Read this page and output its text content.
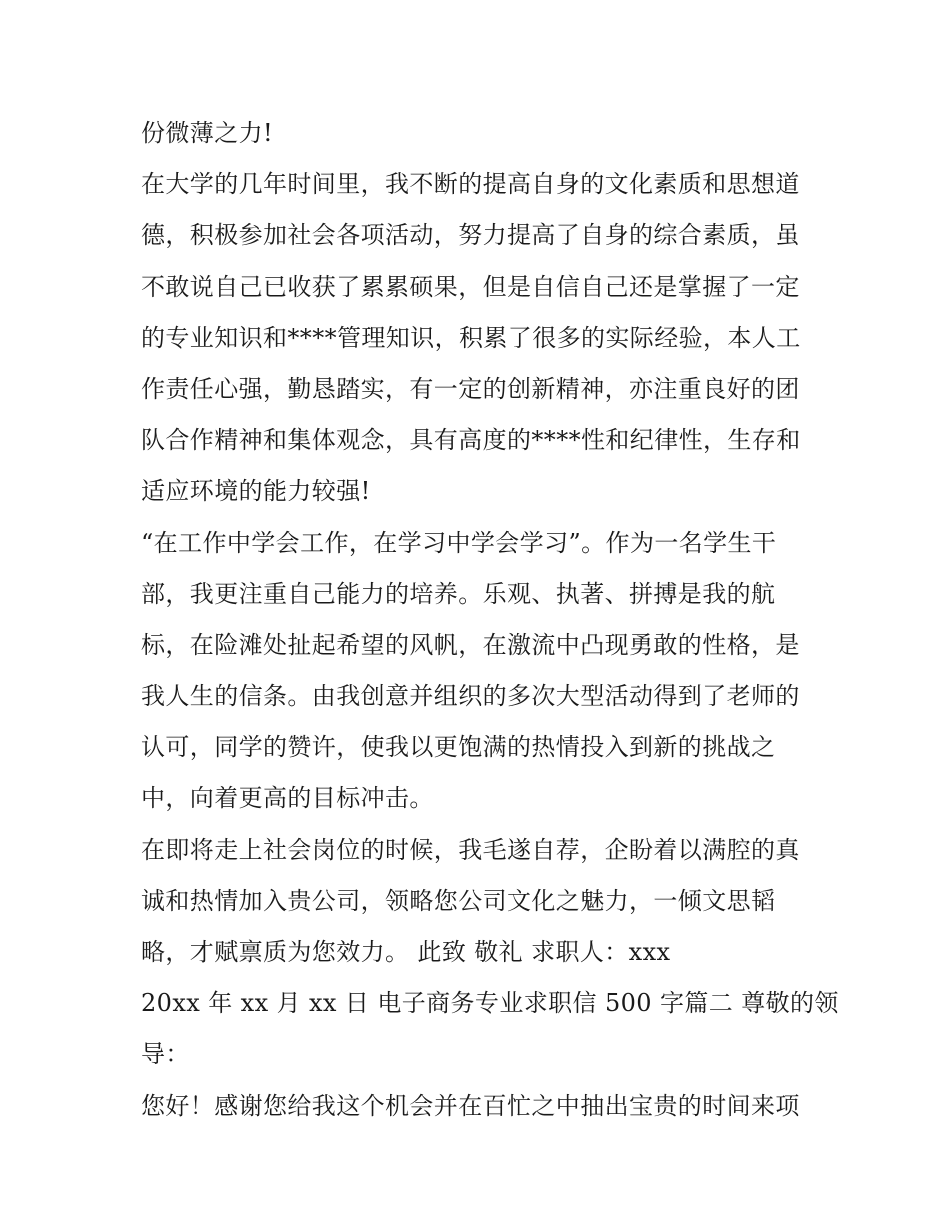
份微薄之力!
在大学的几年时间里，我不断的提高自身的文化素质和思想道
德，积极参加社会各项活动，努力提高了自身的综合素质，虽
不敢说自己已收获了累累硕果，但是自信自己还是掌握了一定
的专业知识和****管理知识，积累了很多的实际经验，本人工
作责任心强，勤恳踏实，有一定的创新精神，亦注重良好的团
队合作精神和集体观念，具有高度的****性和纪律性，生存和
适应环境的能力较强!
“在工作中学会工作，在学习中学会学习”。作为一名学生干
部，我更注重自己能力的培养。乐观、执著、拼搏是我的航
标，在险滩处扯起希望的风帆，在激流中凸现勇敢的性格，是
我人生的信条。由我创意并组织的多次大型活动得到了老师的
认可，同学的赞许，使我以更饱满的热情投入到新的挑战之
中，向着更高的目标冲击。
在即将走上社会岗位的时候，我毛遂自荐，企盼着以满腔的真
诚和热情加入贵公司，领略您公司文化之魅力，一倾文思韬
略，才赋禀质为您效力。 此致 敬礼 求职人：xxx
20xx 年 xx 月 xx 日 电子商务专业求职信 500 字篇二 尊敬的领
导：
您好！感谢您给我这个机会并在百忙之中抽出宝贵的时间来项
